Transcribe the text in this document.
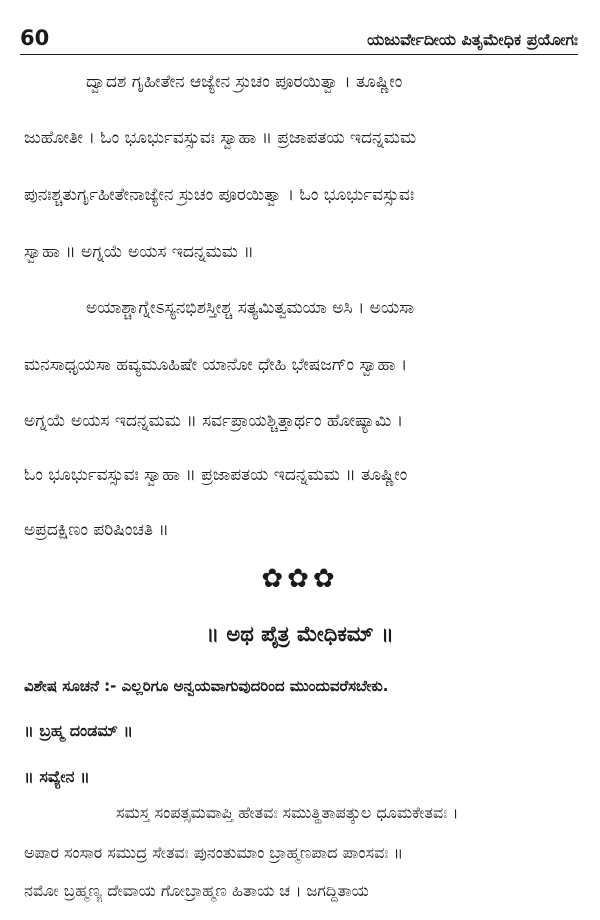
60	ಯಜುರ್ವೇದೀಯ ಪಿತೃಮೇಧಿಕ ಪ್ರಯೋಗಃ
ದ್ವಾದಶ ಗೃಹೀತೇನ ಆಜ್ಯೇನ ಸ್ರುಚಂ ಪೂರಯಿತ್ವಾ । ತೂಷ್ಣೀಂ
ಜುಹೋತೀ । ಓಂ ಭೂರ್ಭುವಸ್ಸುವಃ ಸ್ವಾಹಾ ॥ ಪ್ರಜಾಪತಯ ಇದನ್ನಮಮ
ಪುನಃಶ್ಚತುರ್ಗೃಹೀತೇನಾಜ್ಯೇನ ಸ್ರುಚಂ ಪೂರಯಿತ್ವಾ । ಓಂ ಭೂರ್ಭುವಸ್ಸುವಃ
ಸ್ವಾಹಾ ॥ ಅಗ್ನಯೆ ಅಯಸ ಇದನ್ನಮಮ ॥
ಅಯಾಶ್ಚಾಗ್ನೇಽಸ್ಯನಭಿಶಸ್ತೀಶ್ಚ ಸತ್ಯಮಿತ್ವಮಯಾ ಅಸಿ । ಅಯಸಾ
ಮನಸಾಧೃಯಸಾ ಹವ್ಯಮೂಹಿಷೇ ಯಾನೋ ಧೇಹಿ ಭೇಷಜಗ್ಂ ಸ್ವಾಹಾ ।
ಅಗ್ನಯೆ ಅಯಸ ಇದನ್ನಮಮ ॥ ಸರ್ವಪ್ರಾಯಶ್ಚಿತ್ತಾರ್ಥಂ ಹೋಷ್ಯಾಮಿ ।
ಓಂ ಭೂರ್ಭುವಸ್ಸುವಃ ಸ್ವಾಹಾ ॥ ಪ್ರಜಾಪತಯ ಇದನ್ನಮಮ ॥ ತೂಷ್ಣೀಂ
ಅಪ್ರದಕ್ಷಿಣಂ ಪರಿಷಿಂಚತಿ ॥
✿✿✿
॥ ಅಥ ಪೈತ್ರ ಮೇಧಿಕಮ್ ॥
ವಿಶೇಷ ಸೂಚನೆ :- ಎಲ್ಲರಿಗೂ ಅನ್ವಯವಾಗುವುದರಿಂದ ಮುಂದುವರೆಸಬೇಕು.
॥ ಬ್ರಹ್ಮ ದಂಡಮ್ ॥
॥ ಸವ್ಯೇನ ॥
ಸಮಸ್ತ ಸಂಪತ್ಸಮವಾಪ್ತಿ ಹೇತವಃ ಸಮುತ್ಥಿತಾಪತ್ಕುಲ ಧೂಮಕೇತವಃ ।
ಅಪಾರ ಸಂಸಾರ ಸಮುದ್ರ ಸೇತವಃ ಪುನಂತುಮಾಂ ಬ್ರಾಹ್ಮಣಪಾದ ಪಾಂಸವಃ ॥
ನಮೋ ಬ್ರಹ್ಮಣ್ಯ ದೇವಾಯ ಗೋಬ್ರಾಹ್ಮಣ ಹಿತಾಯ ಚ । ಜಗದ್ಧಿತಾಯ
